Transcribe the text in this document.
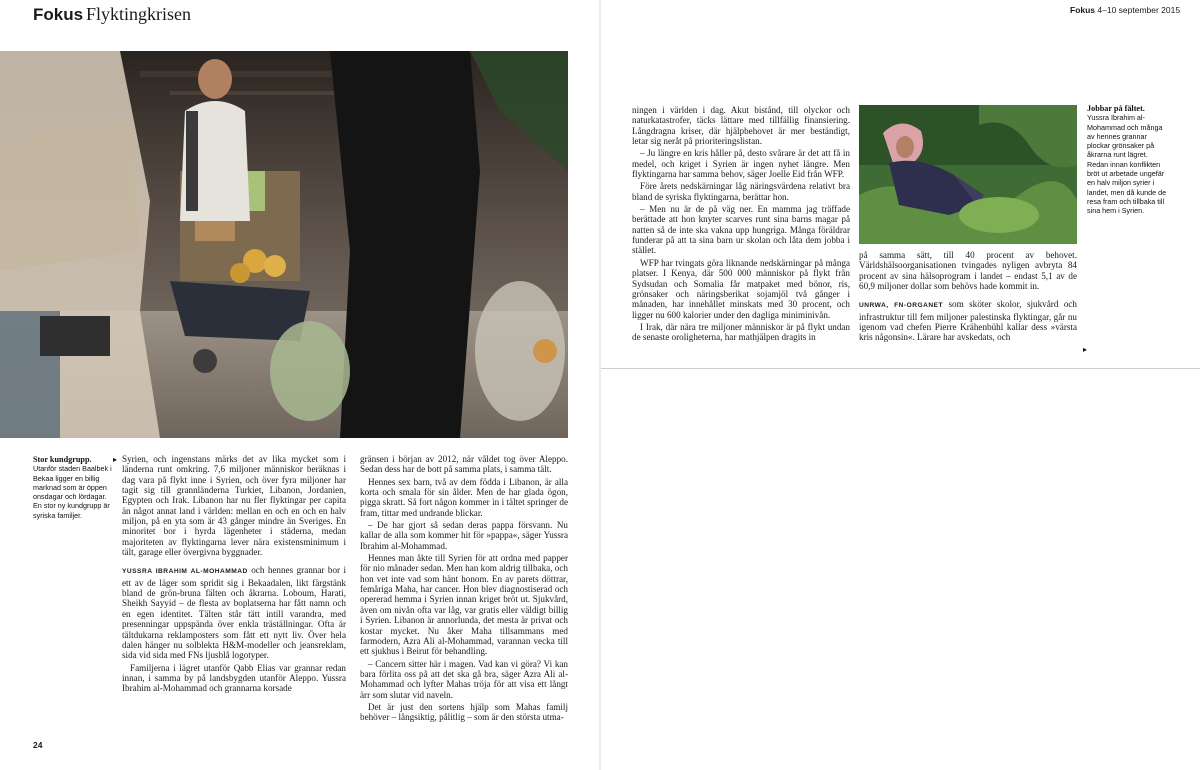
Fokus Flyktingkrisen	Fokus 4–10 september 2015
Stor kundgrupp.
Utanför staden Baalbek i Bekaa ligger en billig marknad som är öppen onsdagar och lördagar. En stor ny kundgrupp är syriska familjer.
▸ Syrien, och ingenstans märks det av lika mycket som i länderna runt omkring. 7,6 miljoner människor beräknas i dag vara på flykt inne i Syrien, och över fyra miljoner har tagit sig till grannländerna Turkiet, Libanon, Jordanien, Egypten och Irak. Libanon har nu fler flyktingar per capita än något annat land i världen: mellan en och en och en halv miljon, på en yta som är 43 gånger mindre än Sveriges. En minoritet bor i hyrda lägenheter i städerna, medan majoriteten av flyktingarna lever nära existensminimum i tält, garage eller övergivna byggnader.

YUSSRA IBRAHIM AL-MOHAMMAD och hennes grannar bor i ett av de läger som spridit sig i Bekaadalen, likt färgstänk bland de grön-bruna fälten och åkrarna. Loboum, Harati, Sheikh Sayyid – de flesta av boplatserna har fått namn och en egen identitet. Tälten står tätt intill varandra, med presenningar uppspända över enkla träställningar. Ofta är tältdukarna reklamposters som fått ett nytt liv. Över hela dalen hänger nu solblekta H&M-modeller och jeansreklam, sida vid sida med FNs ljusblå logotyper.

Familjerna i lägret utanför Qabb Elias var grannar redan innan, i samma by på landsbygden utanför Aleppo. Yussra Ibrahim al-Mohammad och grannarna korsade

gränsen i början av 2012, när våldet tog över Aleppo. Sedan dess har de bott på samma plats, i samma tält.

Hennes sex barn, två av dem födda i Libanon, är alla korta och smala för sin ålder. Men de har glada ögon, pigga skratt. Så fort någon kommer in i tältet springer de fram, tittar med undrande blickar.

– De har gjort så sedan deras pappa försvann. Nu kallar de alla som kommer hit för »pappa«, säger Yussra Ibrahim al-Mohammad.

Hennes man åkte till Syrien för att ordna med papper för nio månader sedan. Men han kom aldrig tillbaka, och hon vet inte vad som hänt honom. En av parets döttrar, femåriga Maha, har cancer. Hon blev diagnostiserad och opererad hemma i Syrien innan kriget bröt ut. Sjukvård, även om nivån ofta var låg, var gratis eller väldigt billig i Syrien. Libanon är annorlunda, det mesta är privat och kostar mycket. Nu åker Maha tillsammans med farmodern, Azra Ali al-Mohammad, varannan vecka till ett sjukhus i Beirut för behandling.

– Cancern sitter här i magen. Vad kan vi göra? Vi kan bara förlita oss på att det ska gå bra, säger Azra Ali al-Mohammad och lyfter Mahas tröja för att visa ett långt ärr som slutar vid naveln.

Det är just den sortens hjälp som Mahas familj behöver – långsiktig, pålitlig – som är den största utma-

ningen i världen i dag. Akut bistånd, till olyckor och naturkatastrofer, täcks lättare med tillfällig finansiering. Långdragna kriser, där hjälpbehovet är mer beständigt, letar sig neråt på prioriteringslistan.

– Ju längre en kris håller på, desto svårare är det att få in medel, och kriget i Syrien är ingen nyhet längre. Men flyktingarna har samma behov, säger Joelle Eid från WFP.

Före årets nedskärningar låg näringsvärdena relativt bra bland de syriska flyktingarna, berättar hon.

– Men nu är de på väg ner. En mamma jag träffade berättade att hon knyter scarves runt sina barns magar på natten så de inte ska vakna upp hungriga. Många föräldrar funderar på att ta sina barn ur skolan och låta dem jobba i stället.

WFP har tvingats göra liknande nedskärningar på många platser. I Kenya, där 500 000 människor på flykt från Sydsudan och Somalia får matpaket med bönor, ris, grönsaker och näringsberikat sojamjöl två gånger i månaden, har innehållet minskats med 30 procent, och ligger nu 600 kalorier under den dagliga miniminivån.

I Irak, där nära tre miljoner människor är på flykt undan de senaste oroligheterna, har mathjälpen dragits in

Jobbar på fältet.
Yussra Ibrahim al-Mohammad och många av hennes grannar plockar grönsaker på åkrarna runt lägret. Redan innan konflikten bröt ut arbetade ungefär en halv miljon syrier i landet, men då kunde de resa fram och tillbaka till sina hem i Syrien.

på samma sätt, till 40 procent av behovet. Världshälsoorganisationen tvingades nyligen avbryta 84 procent av sina hälsoprogram i landet – endast 5,1 av de 60,9 miljoner dollar som behövs hade kommit in.

UNRWA, FN-ORGANET som sköter skolor, sjukvård och infrastruktur till fem miljoner palestinska flyktingar, går nu igenom vad chefen Pierre Krähenbühl kallar dess »värsta kris någonsin«. Lärare har avskedats, och

▸
24
